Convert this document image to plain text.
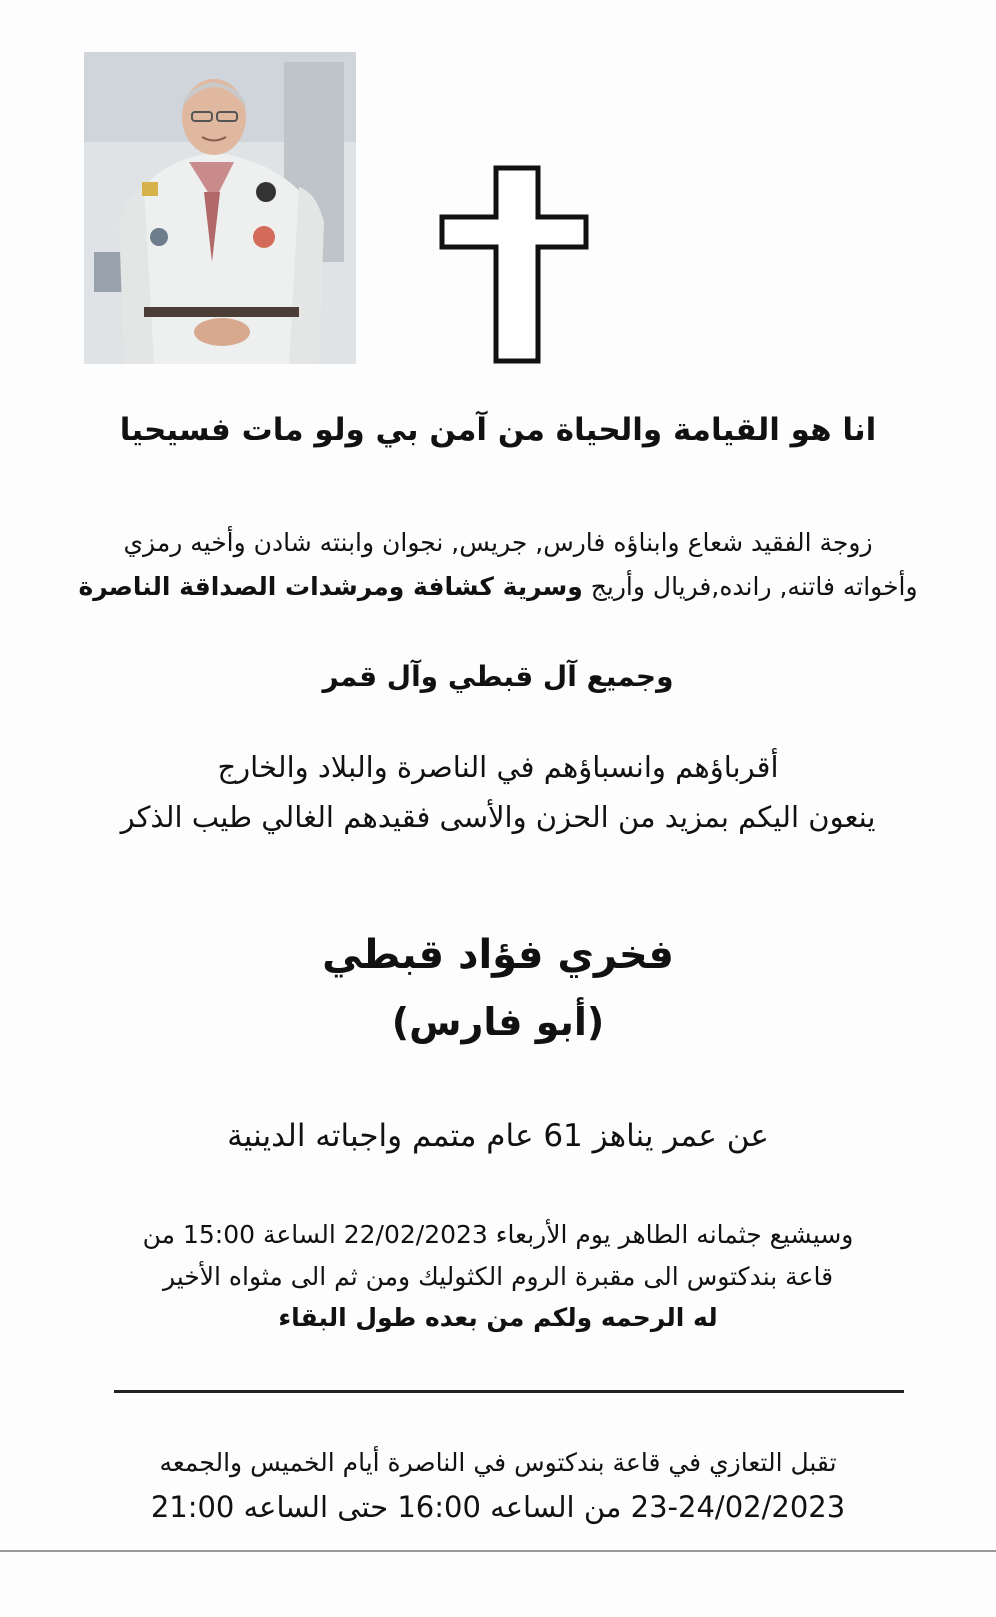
انا هو القيامة والحياة من آمن بي ولو مات فسيحيا
زوجة الفقيد شعاع وابناؤه فارس, جريس, نجوان وابنته شادن وأخيه رمزي
وأخواته فاتنه, رانده,فريال وأريج وسرية كشافة ومرشدات الصداقة الناصرة
وجميع آل قبطي وآل قمر
أقرباؤهم وانسباؤهم في الناصرة والبلاد والخارج
ينعون اليكم بمزيد من الحزن والأسى فقيدهم الغالي طيب الذكر
فخري فؤاد قبطي
(أبو فارس)
عن عمر يناهز 61 عام متمم واجباته الدينية
وسيشيع جثمانه الطاهر يوم الأربعاء 22/02/2023 الساعة 15:00 من
قاعة بندكتوس الى مقبرة الروم الكثوليك ومن ثم الى مثواه الأخير
له الرحمه ولكم من بعده طول البقاء
تقبل التعازي في قاعة بندكتوس في الناصرة أيام الخميس والجمعه
23-24/02/2023 من الساعه 16:00 حتى الساعه 21:00
